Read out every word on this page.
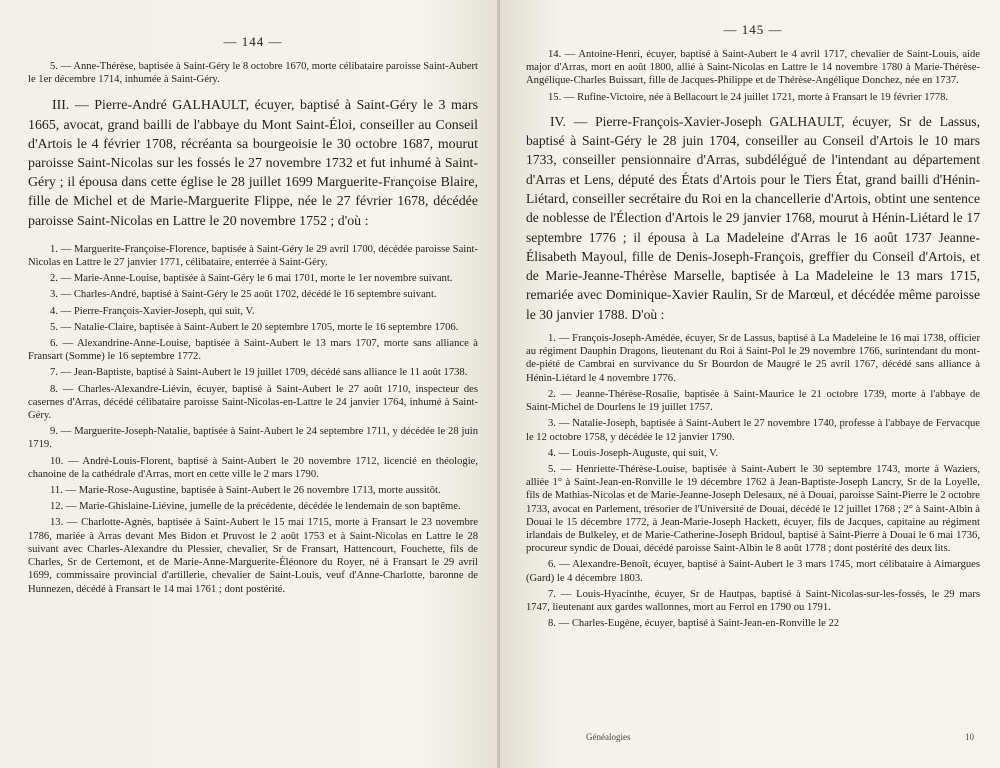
— 144 —

5. — Anne-Thérèse, baptisée à Saint-Géry le 8 octobre 1670, morte célibataire paroisse Saint-Aubert le 1er décembre 1714, inhumée à Saint-Géry.

III. — Pierre-André GALHAULT, écuyer, baptisé à Saint-Géry le 3 mars 1665, avocat, grand bailli de l'abbaye du Mont Saint-Éloi, conseiller au Conseil d'Artois le 4 février 1708, récréanta sa bourgeoisie le 30 octobre 1687, mourut paroisse Saint-Nicolas sur les fossés le 27 novembre 1732 et fut inhumé à Saint-Géry ; il épousa dans cette église le 28 juillet 1699 Marguerite-Françoise Blaire, fille de Michel et de Marie-Marguerite Flippe, née le 27 février 1678, décédée paroisse Saint-Nicolas en Lattre le 20 novembre 1752 ; d'où :

1. — Marguerite-Françoise-Florence, baptisée à Saint-Géry le 29 avril 1700, décédée paroisse Saint-Nicolas en Lattre le 27 janvier 1771, célibataire, enterrée à Saint-Géry.

2. — Marie-Anne-Louise, baptisée à Saint-Géry le 6 mai 1701, morte le 1er novembre suivant.

3. — Charles-André, baptisé à Saint-Géry le 25 août 1702, décédé le 16 septembre suivant.

4. — Pierre-François-Xavier-Joseph, qui suit, V.

5. — Natalie-Claire, baptisée à Saint-Aubert le 20 septembre 1705, morte le 16 septembre 1706.

6. — Alexandrine-Anne-Louise, baptisée à Saint-Aubert le 13 mars 1707, morte sans alliance à Fransart (Somme) le 16 septembre 1772.

7. — Jean-Baptiste, baptisé à Saint-Aubert le 19 juillet 1709, décédé sans alliance le 11 août 1738.

8. — Charles-Alexandre-Liévin, écuyer, baptisé à Saint-Aubert le 27 août 1710, inspecteur des casernes d'Arras, décédé célibataire paroisse Saint-Nicolas-en-Lattre le 24 janvier 1764, inhumé à Saint-Géry.

9. — Marguerite-Joseph-Natalie, baptisée à Saint-Aubert le 24 septembre 1711, y décédée le 28 juin 1719.

10. — André-Louis-Florent, baptisé à Saint-Aubert le 20 novembre 1712, licencié en théologie, chanoine de la cathédrale d'Arras, mort en cette ville le 2 mars 1790.

11. — Marie-Rose-Augustine, baptisée à Saint-Aubert le 26 novembre 1713, morte aussitôt.

12. — Marie-Ghislaine-Liévine, jumelle de la précédente, décédée le lendemain de son baptême.

13. — Charlotte-Agnès, baptisée à Saint-Aubert le 15 mai 1715, morte à Fransart le 23 novembre 1786, mariée à Arras devant Mes Bidon et Pruvost le 2 août 1753 et à Saint-Nicolas en Lattre le 28 suivant avec Charles-Alexandre du Plessier, chevalier, Sr de Fransart, Hattencourt, Fouchette, fils de Charles, Sr de Certemont, et de Marie-Anne-Marguerite-Éléonore du Royer, né à Fransart le 29 avril 1699, commissaire provincial d'artillerie, chevalier de Saint-Louis, veuf d'Anne-Charlotte, baronne de Hunnezen, décédé à Fransart le 14 mai 1761 ; dont postérité.

— 145 —

14. — Antoine-Henri, écuyer, baptisé à Saint-Aubert le 4 avril 1717, chevalier de Saint-Louis, aide major d'Arras, mort en août 1800, allié à Saint-Nicolas en Lattre le 14 novembre 1780 à Marie-Thérèse-Angélique-Charles Buissart, fille de Jacques-Philippe et de Thérèse-Angélique Donchez, née en 1737.

15. — Rufine-Victoire, née à Bellacourt le 24 juillet 1721, morte à Fransart le 19 février 1778.

IV. — Pierre-François-Xavier-Joseph GALHAULT, écuyer, Sr de Lassus, baptisé à Saint-Géry le 28 juin 1704, conseiller au Conseil d'Artois le 10 mars 1733, conseiller pensionnaire d'Arras, subdélégué de l'intendant au département d'Arras et Lens, député des États d'Artois pour le Tiers État, grand bailli d'Hénin-Liétard, conseiller secrétaire du Roi en la chancellerie d'Artois, obtint une sentence de noblesse de l'Élection d'Artois le 29 janvier 1768, mourut à Hénin-Liétard le 17 septembre 1776 ; il épousa à La Madeleine d'Arras le 16 août 1737 Jeanne-Élisabeth Mayoul, fille de Denis-Joseph-François, greffier du Conseil d'Artois, et de Marie-Jeanne-Thérèse Marselle, baptisée à La Madeleine le 13 mars 1715, remariée avec Dominique-Xavier Raulin, Sr de Marœul, et décédée même paroisse le 30 janvier 1788. D'où :

1. — François-Joseph-Amédée, écuyer, Sr de Lassus, baptisé à La Madeleine le 16 mai 1738, officier au régiment Dauphin Dragons, lieutenant du Roi à Saint-Pol le 29 novembre 1766, surintendant du mont-de-piété de Cambrai en survivance du Sr Bourdon de Maugré le 25 avril 1767, décédé sans alliance à Hénin-Liétard le 4 novembre 1776.

2. — Jeanne-Thérèse-Rosalie, baptisée à Saint-Maurice le 21 octobre 1739, morte à l'abbaye de Saint-Michel de Dourlens le 19 juillet 1757.

3. — Natalie-Joseph, baptisée à Saint-Aubert le 27 novembre 1740, professe à l'abbaye de Fervacque le 12 octobre 1758, y décédée le 12 janvier 1790.

4. — Louis-Joseph-Auguste, qui suit, V.

5. — Henriette-Thérèse-Louise, baptisée à Saint-Aubert le 30 septembre 1743, morte à Waziers, alliée 1° à Saint-Jean-en-Ronville le 19 décembre 1762 à Jean-Baptiste-Joseph Lancry, Sr de la Loyelle, fils de Mathias-Nicolas et de Marie-Jeanne-Joseph Delesaux, né à Douai, paroisse Saint-Pierre le 2 octobre 1733, avocat en Parlement, trésorier de l'Université de Douai, décédé le 12 juillet 1768 ; 2° à Saint-Albin à Douai le 15 décembre 1772, à Jean-Marie-Joseph Hackett, écuyer, fils de Jacques, capitaine au régiment irlandais de Bulkeley, et de Marie-Catherine-Joseph Bridoul, baptisé à Saint-Pierre à Douai le 6 mai 1736, procureur syndic de Douai, décédé paroisse Saint-Albin le 8 août 1778 ; dont postérité des deux lits.

6. — Alexandre-Benoît, écuyer, baptisé à Saint-Aubert le 3 mars 1745, mort célibataire à Aimargues (Gard) le 4 décembre 1803.

7. — Louis-Hyacinthe, écuyer, Sr de Hautpas, baptisé à Saint-Nicolas-sur-les-fossés, le 29 mars 1747, lieutenant aux gardes wallonnes, mort au Ferrol en 1790 ou 1791.

8. — Charles-Eugène, écuyer, baptisé à Saint-Jean-en-Ronville le 22

Généalogies	10
